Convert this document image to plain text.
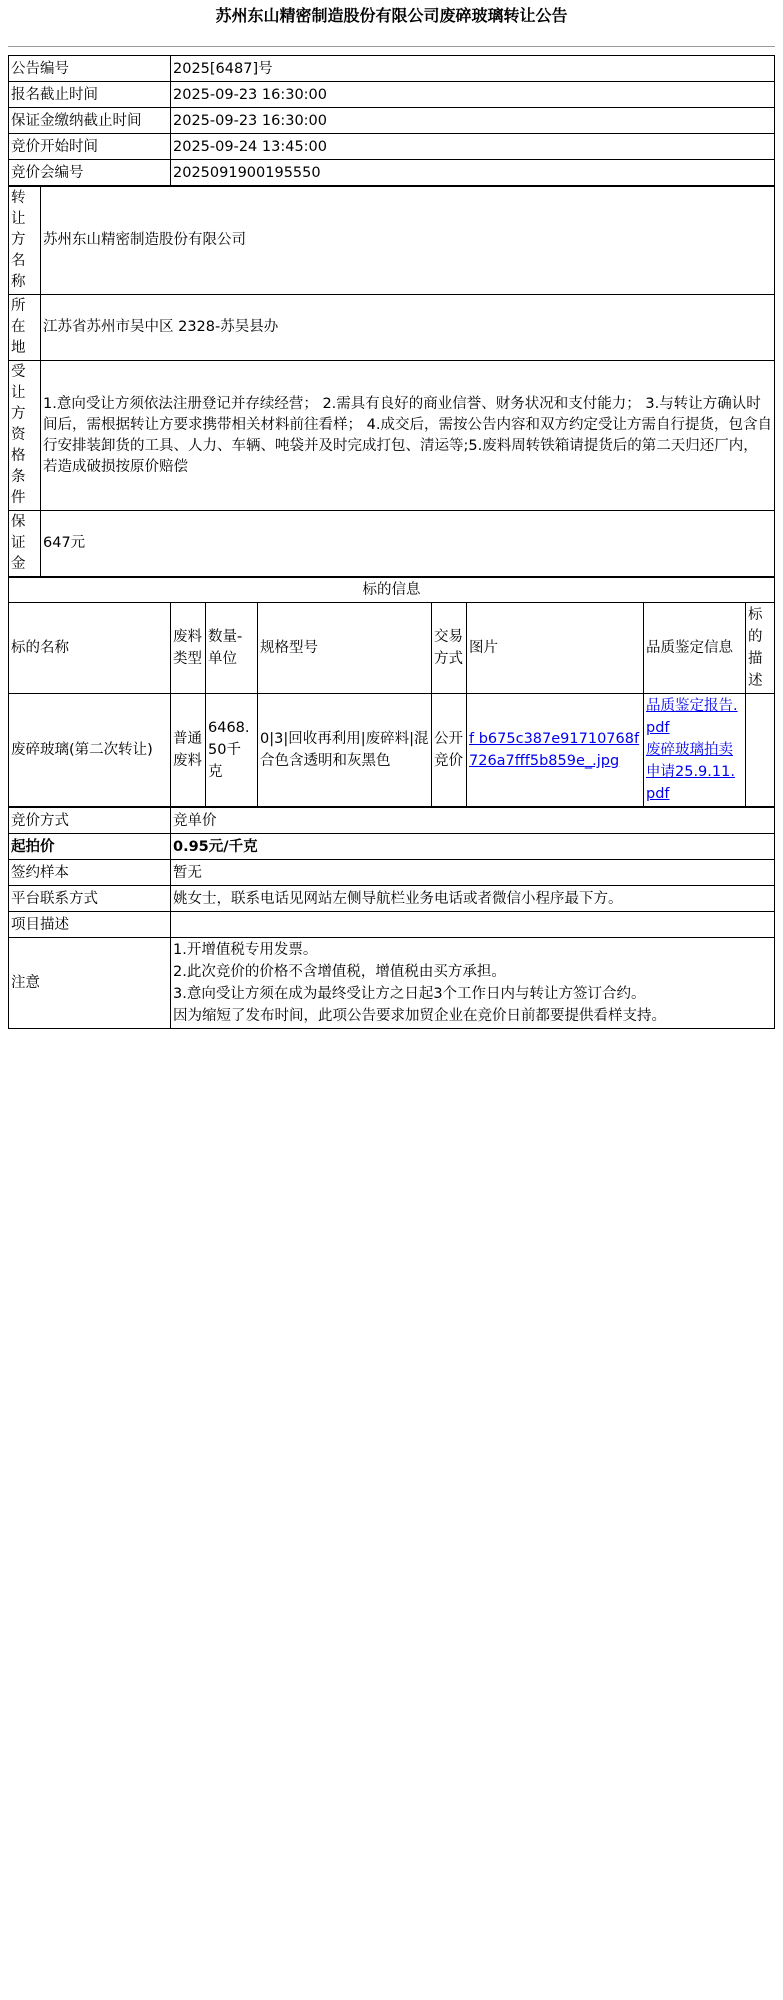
苏州东山精密制造股份有限公司废碎玻璃转让公告
公告编号	2025[6487]号
报名截止时间	2025-09-23 16:30:00
保证金缴纳截止时间	2025-09-23 16:30:00
竞价开始时间	2025-09-24 13:45:00
竞价会编号	2025091900195550
转让方名称	苏州东山精密制造股份有限公司
所在地	江苏省苏州市吴中区 2328-苏吴县办
受让方资格条件	1.意向受让方须依法注册登记并存续经营； 2.需具有良好的商业信誉、财务状况和支付能力； 3.与转让方确认时间后，需根据转让方要求携带相关材料前往看样； 4.成交后，需按公告内容和双方约定受让方需自行提货，包含自行安排装卸货的工具、人力、车辆、吨袋并及时完成打包、清运等;5.废料周转铁箱请提货后的第二天归还厂内，若造成破损按原价赔偿
保证金	647元
标的信息							
标的名称	废料类型	数量-单位	规格型号	交易方式	图片	品质鉴定信息	标的描述
废碎玻璃(第二次转让)	普通废料	6468.50千克	0|3|回收再利用|废碎料|混合色含透明和灰黑色	公开竞价	f b675c387e91710768f726a7fff5b859e_.jpg	品质鉴定报告.pdf
废碎玻璃拍卖申请25.9.11.pdf	
竞价方式	竞单价
起拍价	0.95元/千克
签约样本	暂无
平台联系方式	姚女士，联系电话见网站左侧导航栏业务电话或者微信小程序最下方。
项目描述	
注意	1.开增值税专用发票。
2.此次竞价的价格不含增值税，增值税由买方承担。
3.意向受让方须在成为最终受让方之日起3个工作日内与转让方签订合约。
因为缩短了发布时间，此项公告要求加贸企业在竞价日前都要提供看样支持。
